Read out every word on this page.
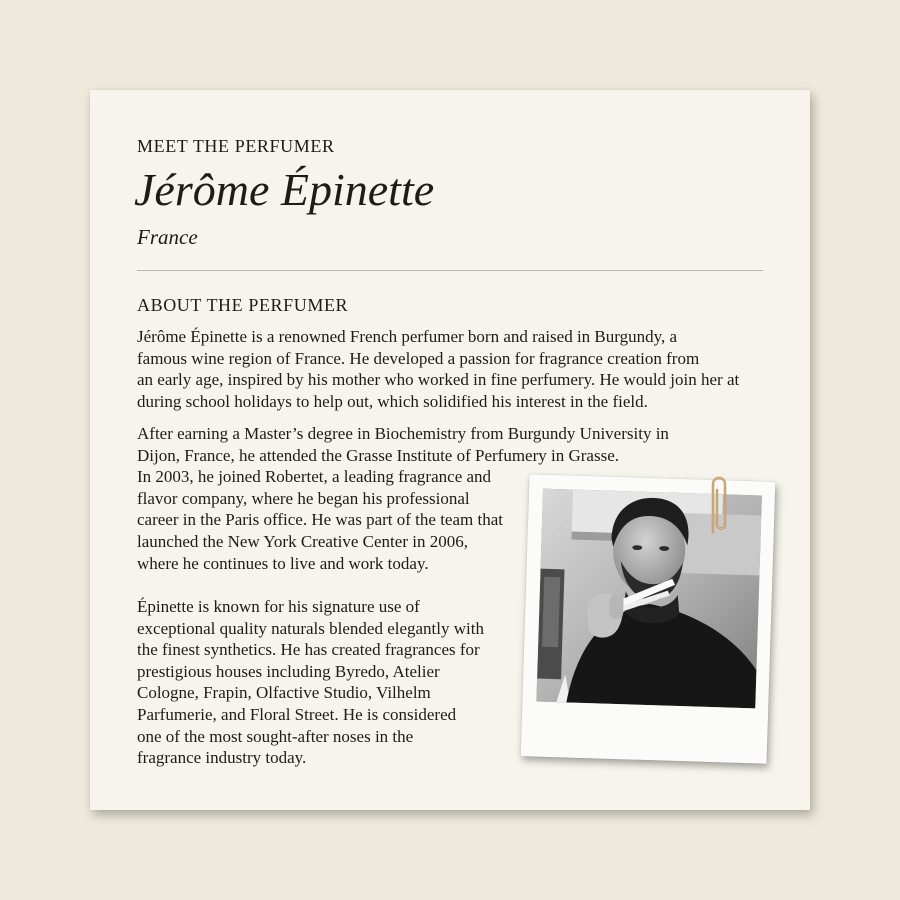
MEET THE PERFUMER
Jérôme Épinette
France
ABOUT THE PERFUMER

Jérôme Épinette is a renowned French perfumer born and raised in Burgundy, a
famous wine region of France. He developed a passion for fragrance creation from
an early age, inspired by his mother who worked in fine perfumery. He would join her at
during school holidays to help out, which solidified his interest in the field.

After earning a Master’s degree in Biochemistry from Burgundy University in
Dijon, France, he attended the Grasse Institute of Perfumery in Grasse.
In 2003, he joined Robertet, a leading fragrance and
flavor company, where he began his professional
career in the Paris office. He was part of the team that
launched the New York Creative Center in 2006,
where he continues to live and work today.

Épinette is known for his signature use of
exceptional quality naturals blended elegantly with
the finest synthetics. He has created fragrances for
prestigious houses including Byredo, Atelier
Cologne, Frapin, Olfactive Studio, Vilhelm
Parfumerie, and Floral Street. He is considered
one of the most sought-after noses in the
fragrance industry today.
